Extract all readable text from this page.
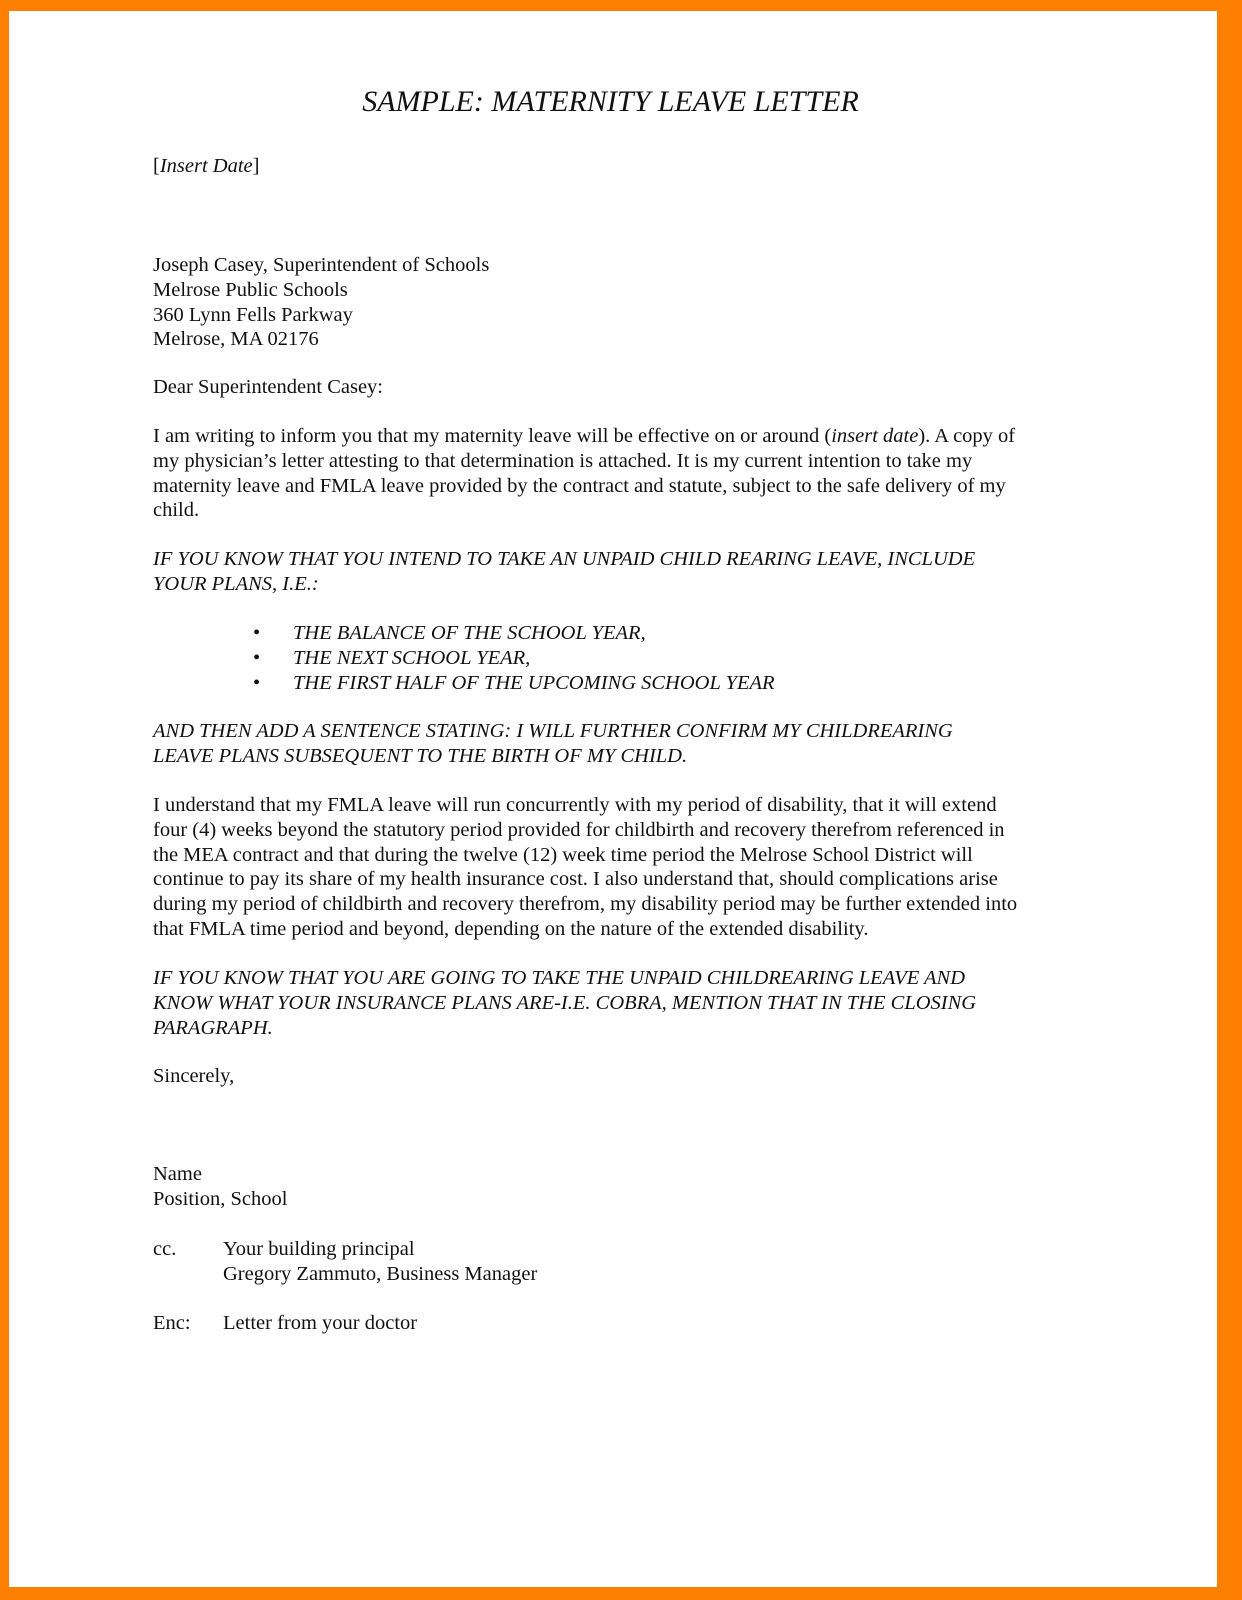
SAMPLE: MATERNITY LEAVE LETTER
[Insert Date]
Joseph Casey, Superintendent of Schools
Melrose Public Schools
360 Lynn Fells Parkway
Melrose, MA 02176
Dear Superintendent Casey:
I am writing to inform you that my maternity leave will be effective on or around (insert date). A copy of
my physician’s letter attesting to that determination is attached. It is my current intention to take my
maternity leave and FMLA leave provided by the contract and statute, subject to the safe delivery of my
child.
IF YOU KNOW THAT YOU INTEND TO TAKE AN UNPAID CHILD REARING LEAVE, INCLUDE
YOUR PLANS, I.E.:
• THE BALANCE OF THE SCHOOL YEAR,
• THE NEXT SCHOOL YEAR,
• THE FIRST HALF OF THE UPCOMING SCHOOL YEAR
AND THEN ADD A SENTENCE STATING: I WILL FURTHER CONFIRM MY CHILDREARING
LEAVE PLANS SUBSEQUENT TO THE BIRTH OF MY CHILD.
I understand that my FMLA leave will run concurrently with my period of disability, that it will extend
four (4) weeks beyond the statutory period provided for childbirth and recovery therefrom referenced in
the MEA contract and that during the twelve (12) week time period the Melrose School District will
continue to pay its share of my health insurance cost. I also understand that, should complications arise
during my period of childbirth and recovery therefrom, my disability period may be further extended into
that FMLA time period and beyond, depending on the nature of the extended disability.
IF YOU KNOW THAT YOU ARE GOING TO TAKE THE UNPAID CHILDREARING LEAVE AND
KNOW WHAT YOUR INSURANCE PLANS ARE-I.E. COBRA, MENTION THAT IN THE CLOSING
PARAGRAPH.
Sincerely,
Name
Position, School
cc. Your building principal
Gregory Zammuto, Business Manager
Enc: Letter from your doctor
